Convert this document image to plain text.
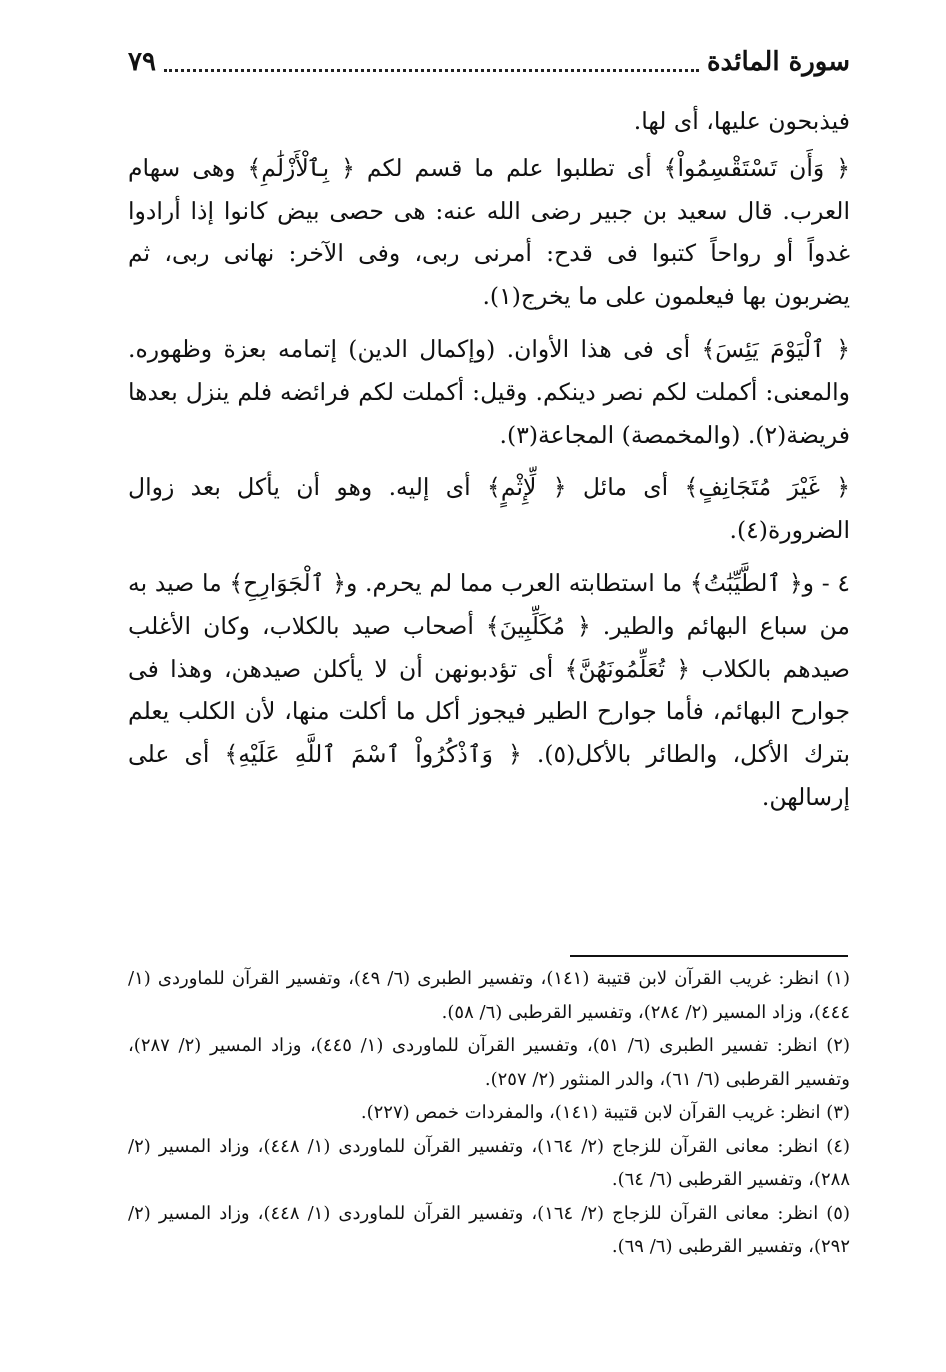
سورة المائدة
٧٩

فيذبحون عليها، أى لها.

﴿ وَأَن تَسْتَقْسِمُواْ﴾ أى تطلبوا علم ما قسم لكم ﴿ بِٱلْأَزْلَٰمِ﴾ وهى سهام العرب. قال سعيد بن جبير رضى الله عنه: هى حصى بيض كانوا إذا أرادوا غدواً أو رواحاً كتبوا فى قدح: أمرنى ربى، وفى الآخر: نهانى ربى، ثم يضربون بها فيعلمون على ما يخرج(١).

﴿ ٱلْيَوْمَ يَئِسَ﴾ أى فى هذا الأوان. (وإكمال الدين) إتمامه بعزة وظهوره. والمعنى: أكملت لكم نصر دينكم. وقيل: أكملت لكم فرائضه فلم ينزل بعدها فريضة(٢). (والمخمصة) المجاعة(٣).

﴿ غَيْرَ مُتَجَانِفٍ﴾ أى مائل ﴿ لِّإِثْمٍ﴾ أى إليه. وهو أن يأكل بعد زوال الضرورة(٤).

٤ - و﴿ ٱلطَّيِّبَٰتُ﴾ ما استطابته العرب مما لم يحرم. و﴿ ٱلْجَوَارِحِ﴾ ما صيد به من سباع البهائم والطير. ﴿ مُكَلِّبِينَ﴾ أصحاب صيد بالكلاب، وكان الأغلب صيدهم بالكلاب ﴿ تُعَلِّمُونَهُنَّ﴾ أى تؤدبونهن أن لا يأكلن صيدهن، وهذا فى جوارح البهائم، فأما جوارح الطير فيجوز أكل ما أكلت منها، لأن الكلب يعلم بترك الأكل، والطائر بالأكل(٥). ﴿ وَٱذْكُرُواْ ٱسْمَ ٱللَّهِ عَلَيْهِ﴾ أى على إرسالهن.

(١) انظر: غريب القرآن لابن قتيبة (١٤١)، وتفسير الطبرى (٦/ ٤٩)، وتفسير القرآن للماوردى (١/ ٤٤٤)، وزاد المسير (٢/ ٢٨٤)، وتفسير القرطبى (٦/ ٥٨).

(٢) انظر: تفسير الطبرى (٦/ ٥١)، وتفسير القرآن للماوردى (١/ ٤٤٥)، وزاد المسير (٢/ ٢٨٧)، وتفسير القرطبى (٦/ ٦١)، والدر المنثور (٢/ ٢٥٧).

(٣) انظر: غريب القرآن لابن قتيبة (١٤١)، والمفردات خمص (٢٢٧).

(٤) انظر: معانى القرآن للزجاج (٢/ ١٦٤)، وتفسير القرآن للماوردى (١/ ٤٤٨)، وزاد المسير (٢/ ٢٨٨)، وتفسير القرطبى (٦/ ٦٤).

(٥) انظر: معانى القرآن للزجاج (٢/ ١٦٤)، وتفسير القرآن للماوردى (١/ ٤٤٨)، وزاد المسير (٢/ ٢٩٢)، وتفسير القرطبى (٦/ ٦٩).
